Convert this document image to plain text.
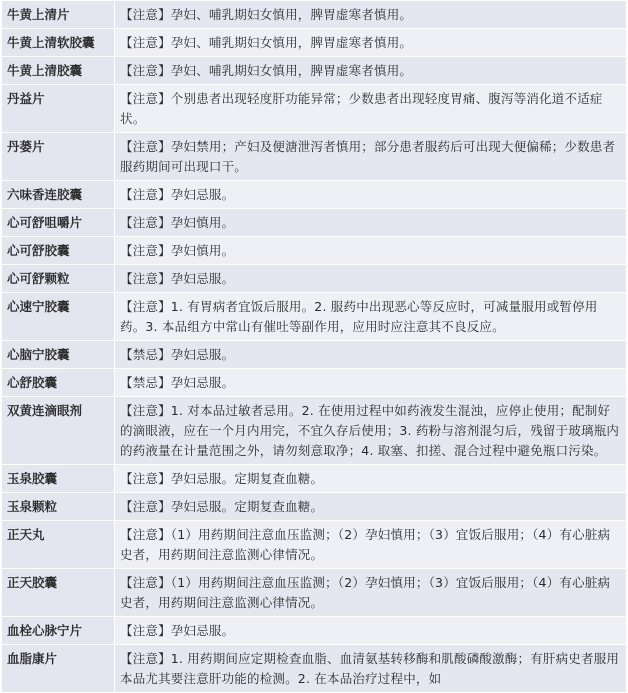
牛黄上清片	【注意】孕妇、哺乳期妇女慎用，脾胃虚寒者慎用。
牛黄上清软胶囊	【注意】孕妇、哺乳期妇女慎用，脾胃虚寒者慎用。
牛黄上清胶囊	【注意】孕妇、哺乳期妇女慎用，脾胃虚寒者慎用。
丹益片	【注意】个别患者出现轻度肝功能异常；少数患者出现轻度胃痛、腹泻等消化道不适症状。
丹蒌片	【注意】孕妇禁用；产妇及便溏泄泻者慎用；部分患者服药后可出现大便偏稀；少数患者服药期间可出现口干。
六味香连胶囊	【注意】孕妇忌服。
心可舒咀嚼片	【注意】孕妇慎用。
心可舒胶囊	【注意】孕妇慎用。
心可舒颗粒	【注意】孕妇忌服。
心速宁胶囊	【注意】1. 有胃病者宜饭后服用。2. 服药中出现恶心等反应时，可减量服用或暂停用药。3. 本品组方中常山有催吐等副作用，应用时应注意其不良反应。
心脑宁胶囊	【禁忌】孕妇忌服。
心舒胶囊	【禁忌】孕妇忌服。
双黄连滴眼剂	【注意】1. 对本品过敏者忌用。2. 在使用过程中如药液发生混浊，应停止使用；配制好的滴眼液，应在一个月内用完，不宜久存后使用；3. 药粉与溶剂混匀后，残留于玻璃瓶内的药液量在计量范围之外，请勿刻意取净；4. 取塞、扣搓、混合过程中避免瓶口污染。
玉泉胶囊	【注意】孕妇忌服。定期复查血糖。
玉泉颗粒	【注意】孕妇忌服。定期复查血糖。
正天丸	【注意】（1）用药期间注意血压监测；（2）孕妇慎用；（3）宜饭后服用；（4）有心脏病史者，用药期间注意监测心律情况。
正天胶囊	【注意】（1）用药期间注意血压监测；（2）孕妇慎用；（3）宜饭后服用；（4）有心脏病史者，用药期间注意监测心律情况。
血栓心脉宁片	【注意】孕妇忌服。
血脂康片	【注意】1. 用药期间应定期检查血脂、血清氨基转移酶和肌酸磷酸激酶；有肝病史者服用本品尤其要注意肝功能的检测。2. 在本品治疗过程中，如
